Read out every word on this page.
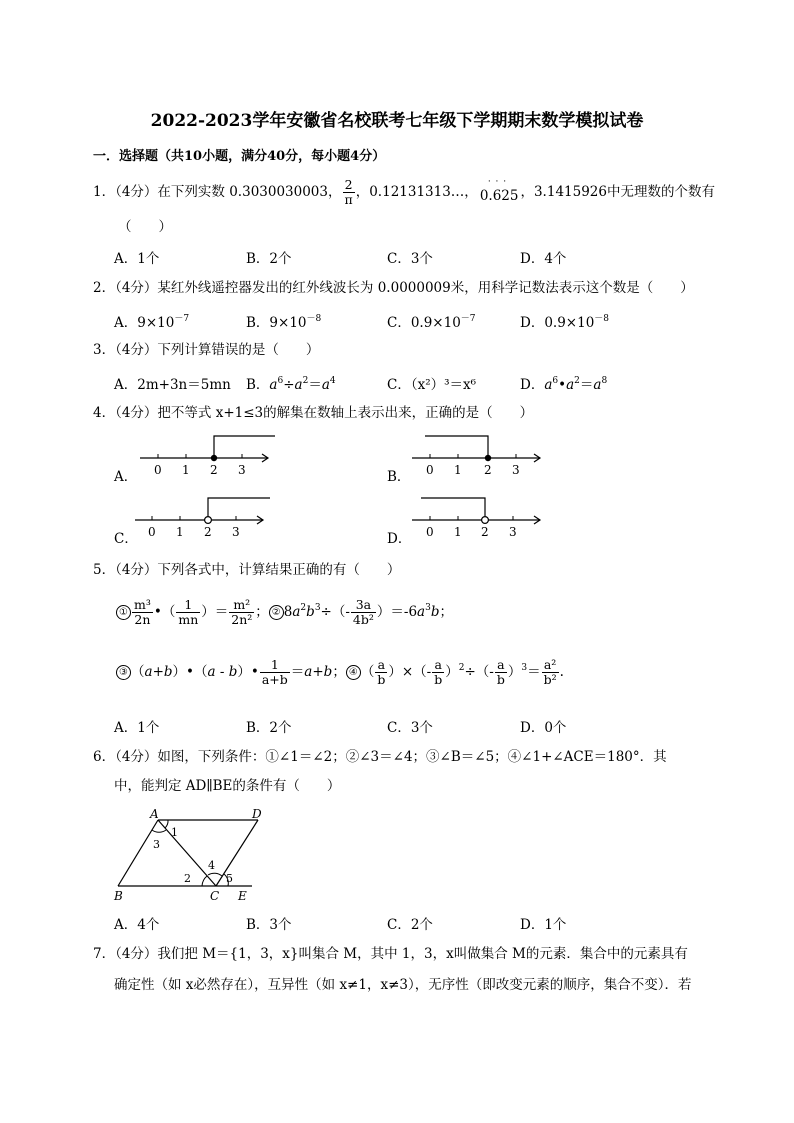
2022-2023学年安徽省名校联考七年级下学期期末数学模拟试卷
一．选择题（共10小题，满分40分，每小题4分）
1．（4分）在下列实数 0.3030030003， $\frac{2}{\pi}$ ，0.12131313…，· · · 0.625 ，3.1415926中无理数的个数有
（　　）
A．1个	B．2个	C．3个	D．4个
2．（4分）某红外线遥控器发出的红外线波长为 0.0000009米，用科学记数法表示这个数是（　　）
A．$9\times 10^{-7}$	B．$9\times 10^{-8}$	C．$0.9\times 10^{-7}$	D．$0.9\times 10^{-8}$
3．（4分）下列计算错误的是（　　）
A．2m+3n＝5mn B．$a^6\div a^2=a^4$	C．（x²）³＝x⁶	D．$a^6•a^2=a^8$
4．（4分）把不等式 x+1≤3的解集在数轴上表示出来，正确的是（　　）
0 1 2 3
A．	0 1 2 3
B．
0 1 2 3
C．	0 1 2 3
D．
5．（4分）下列各式中，计算结果正确的有（　　）
① $\frac{\text{m³}}{2n}$ •（ $\frac{1}{mn}$ ）＝ $\frac{\text{m²}}{\text{2n²}}$ ； ② $8a^2b^3\div(- \frac{3a}{\text{4b²}} )=-6a^3b$；
③ （a+b）•（a - b）• $\frac{1}{a+b} =a+b$； ④ （ $\frac{a}{b}$ ）×（- $\frac{a}{b} )^2\div(- \frac{a}{b} )^3= \frac{\text{a²}}{\text{b²}}$ .
A．1个	B．2个	C．3个	D．0个
6．（4分）如图，下列条件：①∠1＝∠2；②∠3＝∠4；③∠B＝∠5；④∠1+∠ACE＝180°．其
中，能判定 AD∥BE的条件有（　　）
A	D
B	C E
1
3
2
4
5
A．4个	B．3个	C．2个	D．1个
7．（4分）我们把 M＝{1，3，x}叫集合 M，其中 1，3，x叫做集合 M的元素．集合中的元素具有
确定性（如 x必然存在），互异性（如 x≠1，x≠3），无序性（即改变元素的顺序，集合不变）．若
